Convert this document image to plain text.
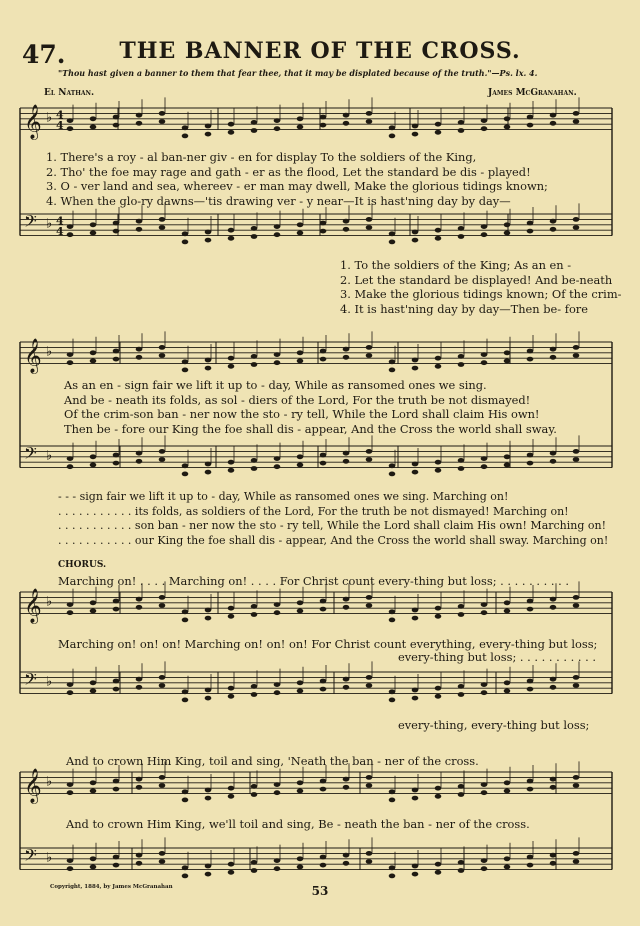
47.	THE BANNER OF THE CROSS.
"Thou hast given a banner to them that fear thee, that it may be displated because of the truth."—Ps. lx. 4.
El Nathan.	James McGranahan.
𝄞 ♭ 4
4
𝄢 ♭ 4
4
𝄞 ♭
𝄢 ♭
𝄞 ♭
𝄢 ♭
𝄞 ♭
𝄢 ♭
1. There's a roy - al ban-ner giv - en for display To the soldiers of the King,
2. Tho' the foe may rage and gath - er as the flood, Let the standard be dis - played!
3. O - ver land and sea, whereev - er man may dwell, Make the glorious tidings known;
4. When the glo-ry dawns—'tis drawing ver - y near—It is hast'ning day by day—
1. To the soldiers of the King; As an en -
2. Let the standard be displayed! And be-neath
3. Make the glorious tidings known; Of the crim-
4. It is hast'ning day by day—Then be- fore
As an en - sign fair we lift it up to - day, While as ransomed ones we sing.
And be - neath its folds, as sol - diers of the Lord, For the truth be not dismayed!
Of the crim-son ban - ner now the sto - ry tell, While the Lord shall claim His own!
Then be - fore our King the foe shall dis - appear, And the Cross the world shall sway.
- - - sign fair we lift it up to - day, While as ransomed ones we sing. Marching on!
. . . . . . . . . . . its folds, as soldiers of the Lord, For the truth be not dismayed! Marching on!
. . . . . . . . . . . son ban - ner now the sto - ry tell, While the Lord shall claim His own! Marching on!
. . . . . . . . . . . our King the foe shall dis - appear, And the Cross the world shall sway. Marching on!
CHORUS.
Marching on! . . . . Marching on! . . . . For Christ count every-thing but loss; . . . . . . . . . .
Marching on! on! on! Marching on! on! on! For Christ count everything, every-thing but loss;
every-thing but loss; . . . . . . . . . . .
every-thing, every-thing but loss;
And to crown Him King, toil and sing, 'Neath the ban - ner of the cross.
And to crown Him King, we'll toil and sing, Be - neath the ban - ner of the cross.
Copyright, 1884, by James McGranahan	53
